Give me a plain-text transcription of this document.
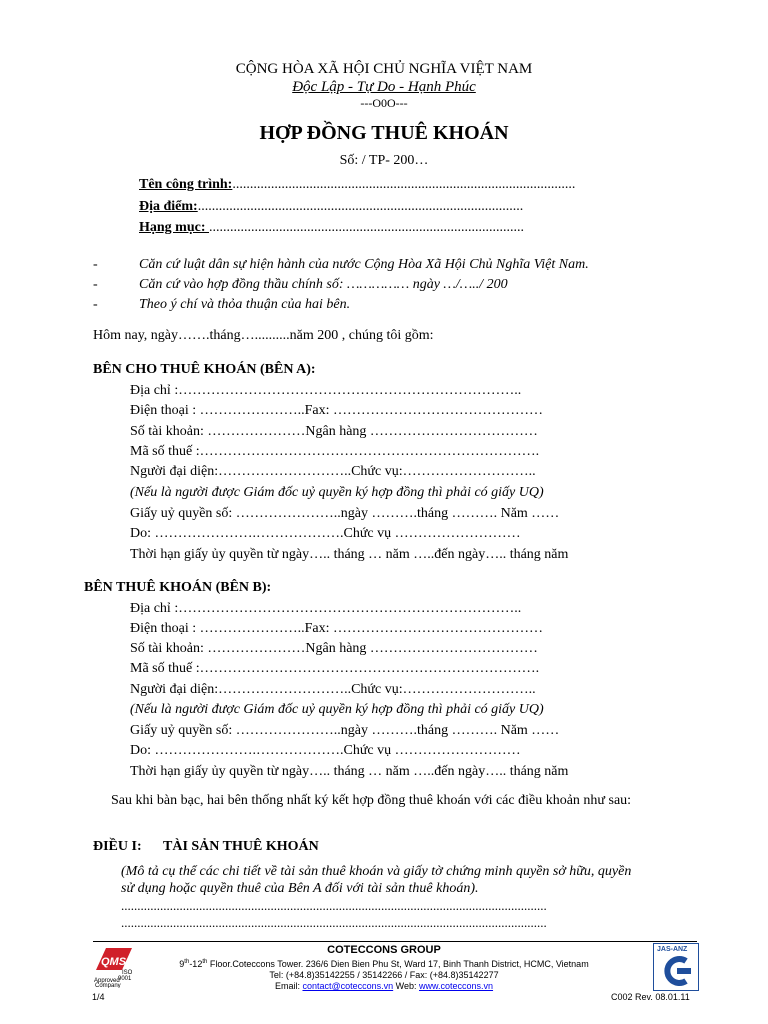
CỘNG HÒA XÃ HỘI CHỦ NGHĨA VIỆT NAM
Độc Lập - Tự Do - Hạnh Phúc
---O0O---
HỢP ĐỒNG THUÊ KHOÁN
Số: / TP- 200…
Tên công trình:..................................................................................................
Địa điểm:.............................................................................................
Hạng mục: ..........................................................................................
-	Căn cứ luật dân sự hiện hành của nước Cộng Hòa Xã Hội Chủ Nghĩa Việt Nam.
-	Căn cứ vào hợp đồng thầu chính số: …………… ngày …/…../ 200
-	Theo ý chí và thỏa thuận của hai bên.
Hôm nay, ngày…….tháng…..........năm 200 , chúng tôi gồm:
BÊN CHO THUÊ KHOÁN (BÊN A):
Địa chỉ :………………………………………………………………..
Điện thoại : …………………..Fax: ………………………………………
Số tài khoản: …………………Ngân hàng ………………………………
Mã số thuế :……………………………………………………………….
Người đại diện:………………………..Chức vụ:………………………..
(Nếu là người được Giám đốc uỷ quyền ký hợp đồng thì phải có giấy UQ)
Giấy uỷ quyền số: …………………..ngày ……….tháng ………. Năm ……
Do: ………………….……………….Chức vụ ………………………
Thời hạn giấy ủy quyền từ ngày….. tháng … năm …..đến ngày….. tháng năm
BÊN THUÊ KHOÁN (BÊN B):
Địa chỉ :………………………………………………………………..
Điện thoại : …………………..Fax: ………………………………………
Số tài khoản: …………………Ngân hàng ………………………………
Mã số thuế :……………………………………………………………….
Người đại diện:………………………..Chức vụ:………………………..
(Nếu là người được Giám đốc uỷ quyền ký hợp đồng thì phải có giấy UQ)
Giấy uỷ quyền số: …………………..ngày ……….tháng ………. Năm ……
Do: ………………….……………….Chức vụ ………………………
Thời hạn giấy ủy quyền từ ngày….. tháng … năm …..đến ngày….. tháng năm
Sau khi bàn bạc, hai bên thống nhất ký kết hợp đồng thuê khoán với các điều khoản như sau:
ĐIỀU I: TÀI SẢN THUÊ KHOÁN
(Mô tả cụ thể các chi tiết về tài sản thuê khoán và giấy tờ chứng minh quyền sở hữu, quyền
sử dụng hoặc quyền thuê của Bên A đối với tài sản thuê khoán).
...................................................................................................................................
...................................................................................................................................
QMS
ISO
9001
Approved
Company
1/4
COTECCONS GROUP
9th-12th Floor.Coteccons Tower. 236/6 Dien Bien Phu St, Ward 17, Binh Thanh District, HCMC, Vietnam
Tel: (+84.8)35142255 / 35142266 / Fax: (+84.8)35142277
Email: contact@coteccons.vn Web: www.coteccons.vn
JAS-ANZ
C002 Rev. 08.01.11
